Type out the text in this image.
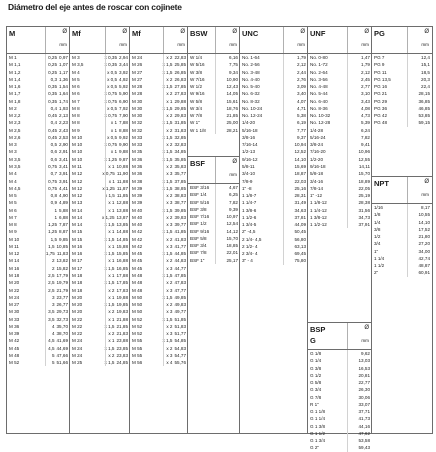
Diámetro del eje antes de roscar con cojinete
M	Ø
mm
M 1	0,25 0,97
M 1,1	0,25 1,07
M 1,2	0,25 1,17
M 1,4	0,3 1,36
M 1,6	0,35 1,54
M 1,7	0,35 1,64
M 1,8	0,35 1,74
M 2	0,4 1,93
M 2,2	0,45 2,13
M 2,3	0,4 2,23
M 2,5	0,45 2,43
M 2,6	0,45 2,53
M 3	0,5 2,90
M 3	0,6 2,91
M 3,5	0,6 3,41
M 3,5	0,75 3,41
M 4	0,7 3,91
M 4	0,75 3,91
M 4,5	0,75 4,41
M 5	0,8 4,90
M 5	0,9 4,89
M 6	1 5,88
M 7	1 6,88
M 8	1,25 7,87
M 9	1,25 8,87
M 10	1,5 9,85
M 11	1,5 10,85
M 12	1,75 11,83
M 14	2 13,82
M 16	2 15,82
M 18	2,5 17,79
M 20	2,5 19,79
M 22	2,5 21,79
M 24	3 23,77
M 27	3 26,77
M 30	3,5 29,73
M 33	3,5 32,73
M 36	4 35,70
M 39	4 38,70
M 42	4,5 41,69
M 45	4,5 44,69
M 48	5 47,66
M 52	5 51,66
Mf	Ø
mm
M 3	x 0,35 2,94
M 3,5	x 0,35 3,44
M 4	x 0,5 3,92
M 5	x 0,5 4,92
M 6	x 0,5 5,92
M 6	x 0,75 5,90
M 7	x 0,75 6,90
M 8	x 0,5 7,92
M 8	x 0,75 7,90
M 8	x 1 7,88
M 9	x 1 8,88
M 10	x 0,5 9,92
M 10	x 0,75 9,90
M 10	x 1 9,88
M 10	x 1,25 9,87
M 11	x 1 10,88
M 12	x 0,75 11,90
M 12	x 1 11,88
M 12	x 1,25 11,87
M 12	x 1,5 11,85
M 13	x 1 12,88
M 14	x 1 13,88
M 14	x 1,25 13,87
M 14	x 1,5 13,85
M 15	x 1 14,88
M 15	x 1,5 14,85
M 16	x 1 15,88
M 16	x 1,5 15,85
M 17	x 1 16,88
M 17	x 1,5 16,85
M 18	x 1 17,88
M 18	x 1,5 17,85
M 18	x 2 17,83
M 20	x 1 19,88
M 20	x 1,5 19,85
M 20	x 2 19,83
M 22	x 1 21,88
M 22	x 1,5 21,85
M 22	x 2 21,83
M 24	x 1 23,88
M 24	x 1,5 23,85
M 24	x 2 23,83
M 25	x 1,5 24,85
Mf	Ø
mm
M 24	x 2 22,83
M 26	x 1,5 25,85
M 27	x 1,5 26,85
M 27	x 2 26,83
M 28	x 1,5 27,85
M 28	x 2 27,83
M 30	x 1 29,88
M 30	x 1,5 29,85
M 30	x 2 29,83
M 32	x 1,5 31,85
M 32	x 2 31,83
M 33	x 1,5 32,85
M 33	x 2 32,83
M 35	x 1,5 34,85
M 36	x 1,5 35,85
M 36	x 2 35,83
M 36	x 3 35,77
M 38	x 1,5 37,85
M 39	x 1,5 38,85
M 39	x 2 38,83
M 39	x 3 38,77
M 40	x 1,5 39,85
M 40	x 2 39,83
M 40	x 3 39,77
M 42	x 1,5 41,85
M 42	x 2 41,83
M 42	x 3 41,77
M 45	x 1,5 44,85
M 45	x 2 44,83
M 45	x 3 44,77
M 48	x 1,5 47,85
M 48	x 2 47,83
M 48	x 3 47,77
M 50	x 1,5 49,85
M 50	x 2 49,83
M 50	x 3 49,77
M 52	x 1,5 51,85
M 52	x 2 51,83
M 52	x 3 51,77
M 55	x 1,5 54,85
M 55	x 2 54,83
M 55	x 3 54,77
M 56	x 4 55,76
BSW	Ø
mm
W 1/4	6,16
W 5/16	7,75
W 3/8	9,34
W 7/16	10,90
W 1/2	12,43
W 9/16	14,05
W 5/8	15,61
W 3/4	18,76
W 7/8	21,85
W 1"	25,00
W 1 1/8	28,21
BSF	Ø
mm
BSF 3/16	4,67
BSF 1/4	6,25
BSF 5/16	7,82
BSF 3/8	9,39
BSF 7/16	10,97
BSF 1/2	12,54
BSF 9/16	14,12
BSF 5/8	15,70
BSF 3/4	18,85
BSF 7/8	22,01
BSF 1"	25,17
UNC	Ø
mm
No. 1-64	1,79
No. 2-56	2,12
No. 3-48	2,44
No. 4-40	2,76
No. 5-40	3,09
No. 6-32	3,40
No. 8-32	4,07
No. 10-24	4,71
No. 12-24	5,38
1/4-20	6,19
5/16-18	7,77
3/8-16	9,37
7/16-14	10,94
1/2-13	12,52
9/16-12	14,10
5/8-11	15,69
3/4-10	18,87
7/8-9	22,03
1" -8	25,16
1 1/8-7	28,31
1 1/4-7	31,49
1 3/8-6	34,63
1 1/2-6	37,81
1 3/4-5	44,09
2" -4,5	50,45
2 1/4- 4,5	56,80
2 1/2- 4	63,13
2 3/4- 4	69,45
3" - 4	75,80
UNF	Ø
mm
No. 0-80	1,47
No. 1-72	1,79
No. 2-64	2,12
No. 3-56	2,45
No. 4-48	2,77
No. 5-44	3,10
No. 6-40	3,43
No. 8-36	4,08
No. 10-32	4,73
No. 12-28	5,39
1/4-28	6,24
5/16-24	7,82
3/8-24	9,41
7/16-20	10,96
1/2-20	12,55
9/16-18	14,11
5/8-18	15,70
3/4-16	18,89
7/8-14	22,05
1" -12	25,19
1 1/8-12	28,38
1 1/4-12	31,56
1 3/8-12	34,73
1 1/2-12	37,91
BSP
G
Ø
mm
G 1/8	9,62
G 1/4	13,03
G 3/8	16,53
G 1/2	20,81
G 5/8	22,77
G 3/4	26,30
G 7/8	30,06
R 1"	33,07
G 1 1/8	37,71
G 1 1/4	41,73
G 1 3/8	44,16
G 1 1/2	47,62
G 1 3/4	53,58
G 2"	59,43
PG	Ø
mm
PG 7	12,4
PG 9	15,1
PG 11	18,5
PG 13,5	20,3
PG 16	22,4
PG 21	28,15
PG 29	36,85
PG 36	46,85
PG 42	53,85
PG 48	59,15
NPT	Ø
mm
1/16	8,17
1/8	10,55
1/4	14,10
3/8	17,52
1/2	21,80
3/4	27,20
1"	34,00
1 1/4	42,74
1 1/2	48,87
2"	60,91
